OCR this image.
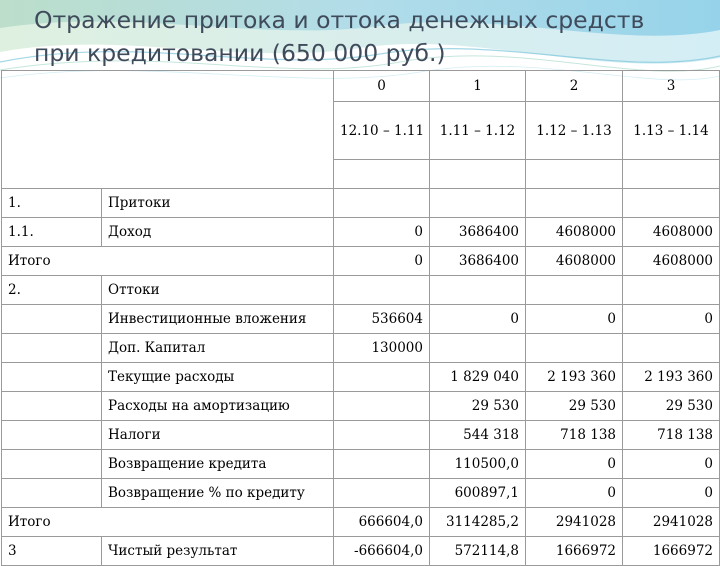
Отражение притока и оттока денежных средств
при кредитовании (650 000 руб.)
		0	1	2	3
		12.10 – 1.11	1.11 – 1.12	1.12 – 1.13	1.13 – 1.14

1.	Притоки				
1.1.	Доход	0	3686400	4608000	4608000
Итого		0	3686400	4608000	4608000
2.	Оттоки				
	Инвестиционные вложения	536604	0	0	0
	Доп. Капитал	130000			
	Текущие расходы		1 829 040	2 193 360	2 193 360
	Расходы на амортизацию		29 530	29 530	29 530
	Налоги		544 318	718 138	718 138
	Возвращение кредита		110500,0	0	0
	Возвращение % по кредиту		600897,1	0	0
Итого		666604,0	3114285,2	2941028	2941028
3	Чистый результат	-666604,0	572114,8	1666972	1666972
